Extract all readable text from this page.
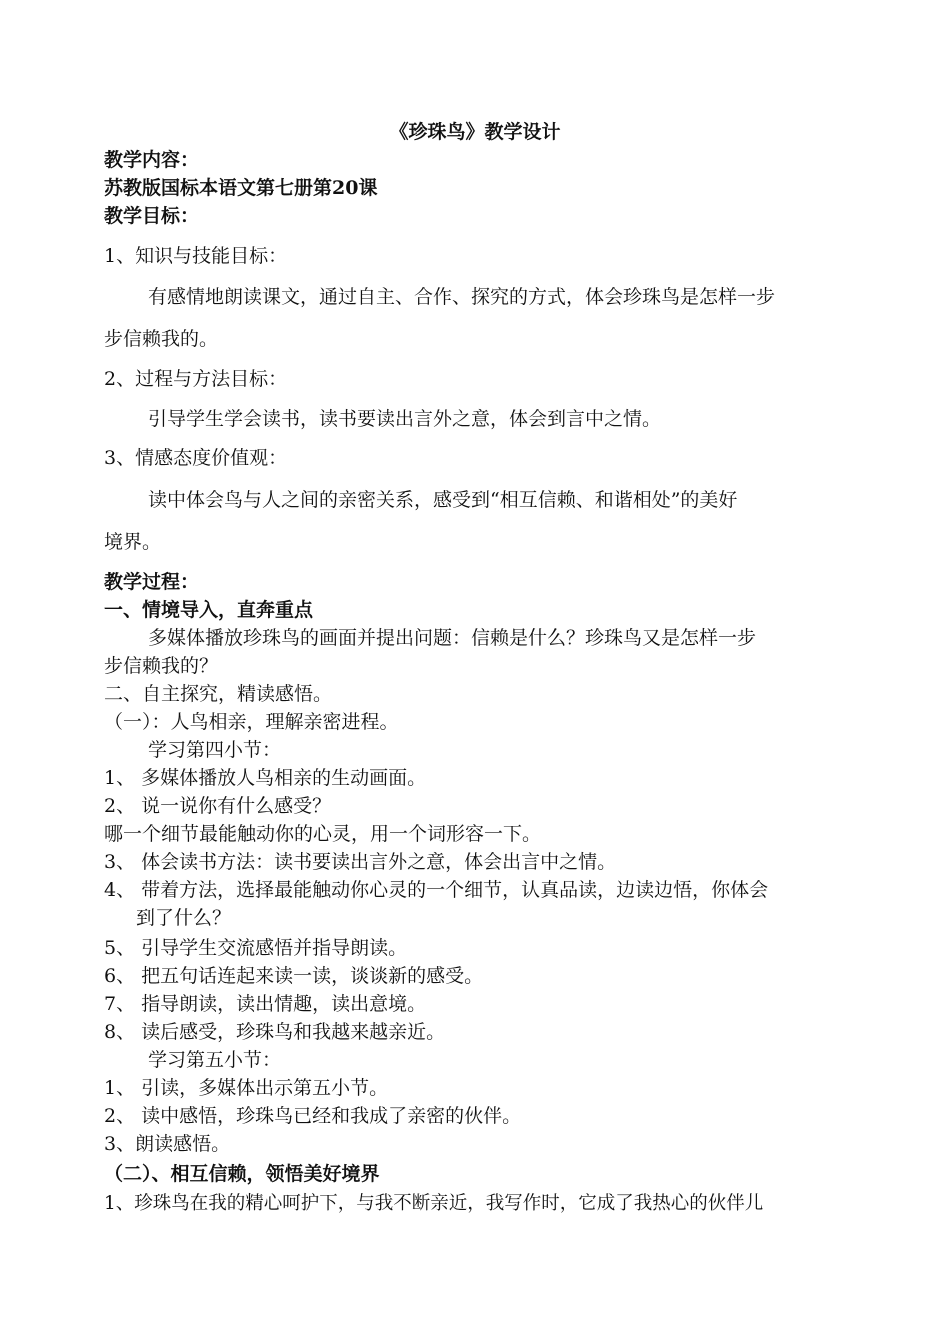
《珍珠鸟》教学设计
教学内容：
苏教版国标本语文第七册第20课
教学目标：
1、知识与技能目标：
有感情地朗读课文，通过自主、合作、探究的方式，体会珍珠鸟是怎样一步
步信赖我的。
2、过程与方法目标：
引导学生学会读书，读书要读出言外之意，体会到言中之情。
3、情感态度价值观：
读中体会鸟与人之间的亲密关系，感受到“相互信赖、和谐相处”的美好
境界。
教学过程：
一、情境导入，直奔重点
多媒体播放珍珠鸟的画面并提出问题：信赖是什么？珍珠鸟又是怎样一步
步信赖我的？
二、自主探究，精读感悟。
（一）：人鸟相亲，理解亲密进程。
学习第四小节：
1、 多媒体播放人鸟相亲的生动画面。
2、 说一说你有什么感受？
哪一个细节最能触动你的心灵，用一个词形容一下。
3、 体会读书方法：读书要读出言外之意，体会出言中之情。
4、 带着方法，选择最能触动你心灵的一个细节，认真品读，边读边悟，你体会
到了什么？
5、 引导学生交流感悟并指导朗读。
6、 把五句话连起来读一读，谈谈新的感受。
7、 指导朗读，读出情趣，读出意境。
8、 读后感受，珍珠鸟和我越来越亲近。
学习第五小节：
1、 引读，多媒体出示第五小节。
2、 读中感悟，珍珠鸟已经和我成了亲密的伙伴。
3、朗读感悟。
（二）、相互信赖，领悟美好境界
1、珍珠鸟在我的精心呵护下，与我不断亲近，我写作时，它成了我热心的伙伴儿
